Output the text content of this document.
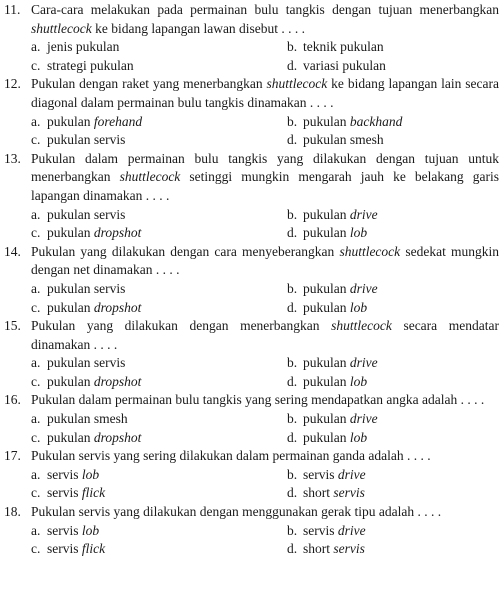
11. Cara-cara melakukan pada permainan bulu tangkis dengan tujuan menerbangkan shuttlecock ke bidang lapangan lawan disebut . . . .
a. jenis pukulan	b. teknik pukulan
c. strategi pukulan	d. variasi pukulan
12. Pukulan dengan raket yang menerbangkan shuttlecock ke bidang lapangan lain secara diagonal dalam permainan bulu tangkis dinamakan . . . .
a. pukulan forehand	b. pukulan backhand
c. pukulan servis	d. pukulan smesh
13. Pukulan dalam permainan bulu tangkis yang dilakukan dengan tujuan untuk menerbangkan shuttlecock setinggi mungkin mengarah jauh ke belakang garis lapangan dinamakan . . . .
a. pukulan servis	b. pukulan drive
c. pukulan dropshot	d. pukulan lob
14. Pukulan yang dilakukan dengan cara menyeberangkan shuttlecock sedekat mungkin dengan net dinamakan . . . .
a. pukulan servis	b. pukulan drive
c. pukulan dropshot	d. pukulan lob
15. Pukulan yang dilakukan dengan menerbangkan shuttlecock secara mendatar dinamakan . . . .
a. pukulan servis	b. pukulan drive
c. pukulan dropshot	d. pukulan lob
16. Pukulan dalam permainan bulu tangkis yang sering mendapatkan angka adalah . . . .
a. pukulan smesh	b. pukulan drive
c. pukulan dropshot	d. pukulan lob
17. Pukulan servis yang sering dilakukan dalam permainan ganda adalah . . . .
a. servis lob	b. servis drive
c. servis flick	d. short servis
18. Pukulan servis yang dilakukan dengan menggunakan gerak tipu adalah . . . .
a. servis lob	b. servis drive
c. servis flick	d. short servis
